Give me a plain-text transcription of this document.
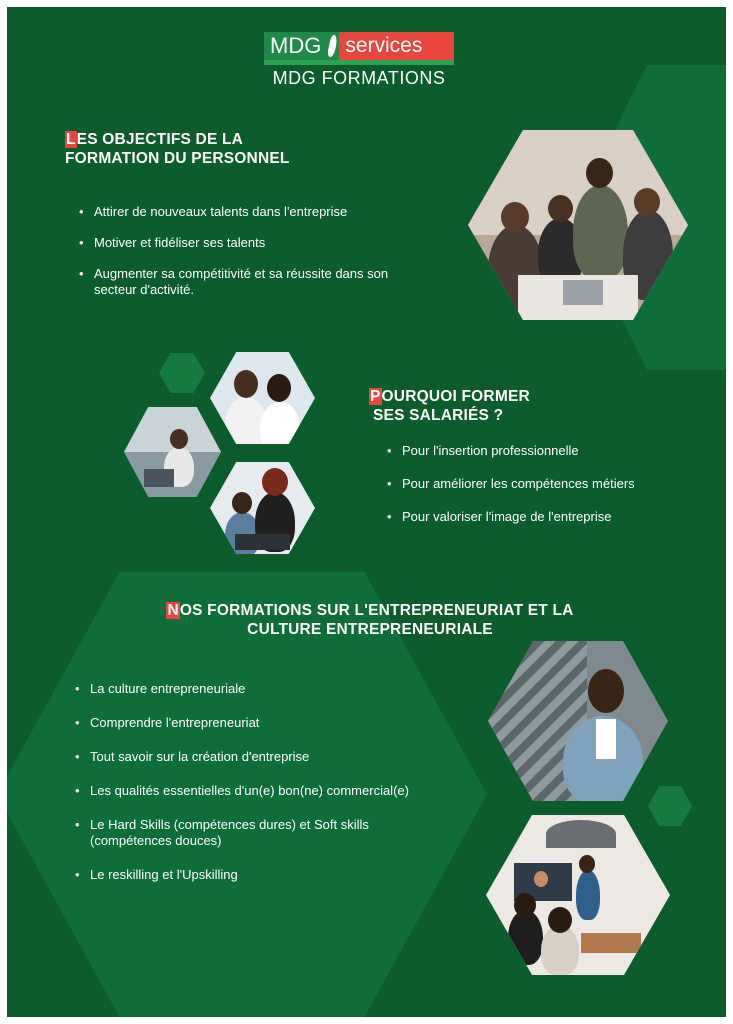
MDG services
MDG FORMATIONS
LES OBJECTIFS DE LA
FORMATION DU PERSONNEL
• Attirer de nouveaux talents dans l'entreprise
• Motiver et fidéliser ses talents
• Augmenter sa compétitivité et sa réussite dans son secteur d'activité.
POURQUOI FORMER
SES SALARIÉS ?
• Pour l'insertion professionnelle
• Pour améliorer les compétences métiers
• Pour valoriser l'image de l'entreprise
NOS FORMATIONS SUR L'ENTREPRENEURIAT ET LA
CULTURE ENTREPRENEURIALE
• La culture entrepreneuriale
• Comprendre l'entrepreneuriat
• Tout savoir sur la création d'entreprise
• Les qualités essentielles d'un(e) bon(ne) commercial(e)
• Le Hard Skills (compétences dures) et Soft skills (compétences douces)
• Le reskilling et l'Upskilling
